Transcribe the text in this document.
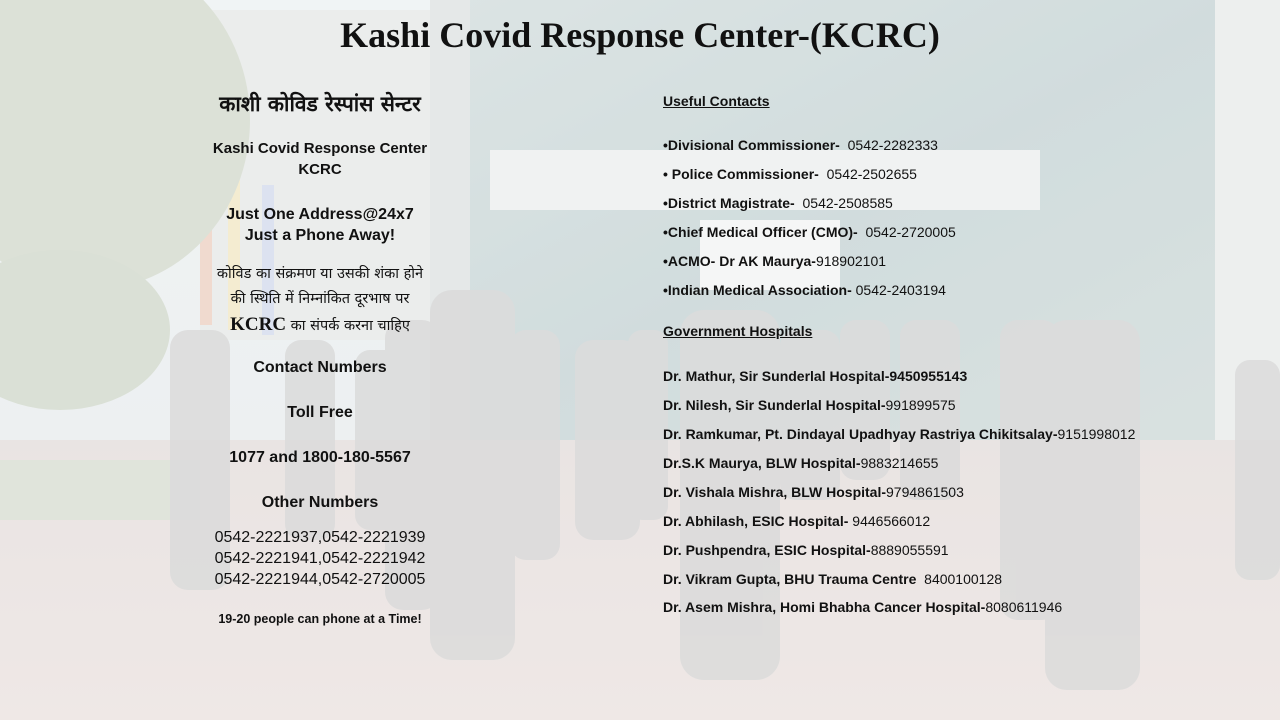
Kashi Covid Response Center-(KCRC)
काशी कोविड रेस्पांस सेन्टर
Kashi Covid Response Center
KCRC
Just One Address@24x7
Just a Phone Away!
कोविड का संक्रमण या उसकी शंका होने
की स्थिति में निम्नांकित दूरभाष पर
KCRC का संपर्क करना चाहिए
Contact Numbers
Toll Free
1077 and 1800-180-5567
Other Numbers
0542-2221937,0542-2221939
0542-2221941,0542-2221942
0542-2221944,0542-2720005
19-20 people can phone at a Time!
Useful Contacts
•Divisional Commissioner- 0542-2282333
• Police Commissioner- 0542-2502655
•District Magistrate- 0542-2508585
•Chief Medical Officer (CMO)- 0542-2720005
•ACMO- Dr AK Maurya-918902101
•Indian Medical Association- 0542-2403194
Government Hospitals
Dr. Mathur, Sir Sunderlal Hospital-9450955143
Dr. Nilesh, Sir Sunderlal Hospital-991899575
Dr. Ramkumar, Pt. Dindayal Upadhyay Rastriya Chikitsalay-9151998012
Dr.S.K Maurya, BLW Hospital-9883214655
Dr. Vishala Mishra, BLW Hospital-9794861503
Dr. Abhilash, ESIC Hospital- 9446566012
Dr. Pushpendra, ESIC Hospital-8889055591
Dr. Vikram Gupta, BHU Trauma Centre 8400100128
Dr. Asem Mishra, Homi Bhabha Cancer Hospital-8080611946
